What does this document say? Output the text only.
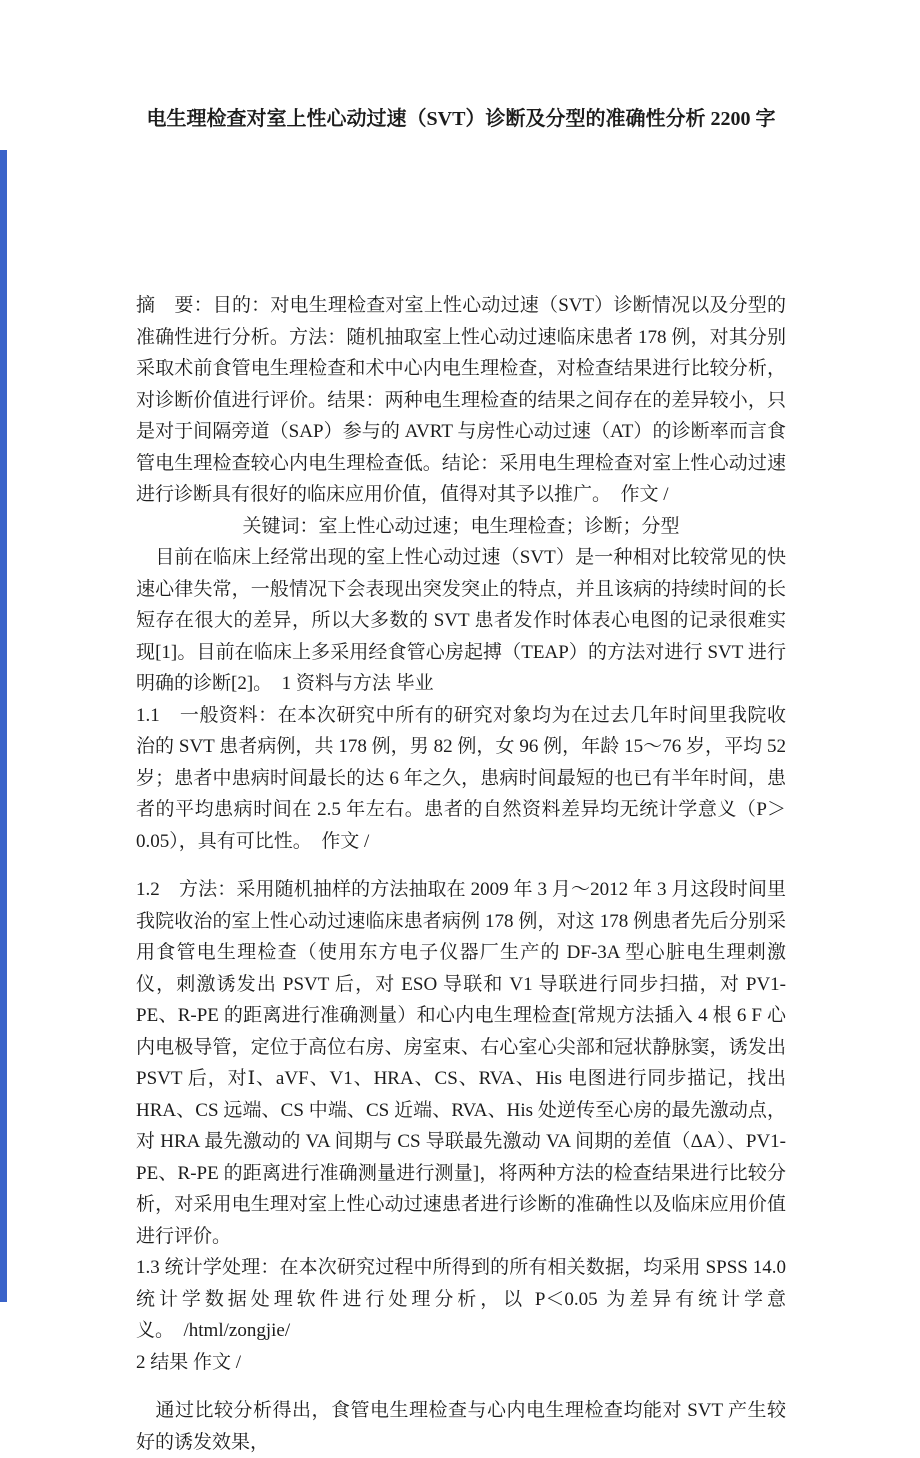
电生理检查对室上性心动过速（SVT）诊断及分型的准确性分析 2200 字

摘　要：目的：对电生理检查对室上性心动过速（SVT）诊断情况以及分型的准确性进行分析。方法：随机抽取室上性心动过速临床患者 178 例，对其分别采取术前食管电生理检查和术中心内电生理检查，对检查结果进行比较分析，对诊断价值进行评价。结果：两种电生理检查的结果之间存在的差异较小，只是对于间隔旁道（SAP）参与的 AVRT 与房性心动过速（AT）的诊断率而言食管电生理检查较心内电生理检查低。结论：采用电生理检查对室上性心动过速进行诊断具有很好的临床应用价值，值得对其予以推广。　作文 /

关键词：室上性心动过速；电生理检查；诊断；分型

　目前在临床上经常出现的室上性心动过速（SVT）是一种相对比较常见的快速心律失常，一般情况下会表现出突发突止的特点，并且该病的持续时间的长短存在很大的差异，所以大多数的 SVT 患者发作时体表心电图的记录很难实现[1]。目前在临床上多采用经食管心房起搏（TEAP）的方法对进行 SVT 进行明确的诊断[2]。　1 资料与方法 毕业

1.1　一般资料：在本次研究中所有的研究对象均为在过去几年时间里我院收治的 SVT 患者病例，共 178 例，男 82 例，女 96 例，年龄 15～76 岁，平均 52 岁；患者中患病时间最长的达 6 年之久，患病时间最短的也已有半年时间，患者的平均患病时间在 2.5 年左右。患者的自然资料差异均无统计学意义（P＞0.05），具有可比性。　作文 /

1.2　方法：采用随机抽样的方法抽取在 2009 年 3 月～2012 年 3 月这段时间里我院收治的室上性心动过速临床患者病例 178 例，对这 178 例患者先后分别采用食管电生理检查（使用东方电子仪器厂生产的 DF-3A 型心脏电生理刺激仪，刺激诱发出 PSVT 后，对 ESO 导联和 V1 导联进行同步扫描，对 PV1-PE、R-PE 的距离进行准确测量）和心内电生理检查[常规方法插入 4 根 6 F 心内电极导管，定位于高位右房、房室束、右心室心尖部和冠状静脉窦，诱发出 PSVT 后，对Ⅰ、aVF、V1、HRA、CS、RVA、His 电图进行同步描记，找出 HRA、CS 远端、CS 中端、CS 近端、RVA、His 处逆传至心房的最先激动点，对 HRA 最先激动的 VA 间期与 CS 导联最先激动 VA 间期的差值（ΔA）、PV1-PE、R-PE 的距离进行准确测量进行测量]，将两种方法的检查结果进行比较分析，对采用电生理对室上性心动过速患者进行诊断的准确性以及临床应用价值进行评价。

1.3 统计学处理：在本次研究过程中所得到的所有相关数据，均采用 SPSS 14.0 统计学数据处理软件进行处理分析，以 P＜0.05 为差异有统计学意义。　/html/zongjie/

2 结果 作文 /

　通过比较分析得出，食管电生理检查与心内电生理检查均能对 SVT 产生较好的诱发效果，
